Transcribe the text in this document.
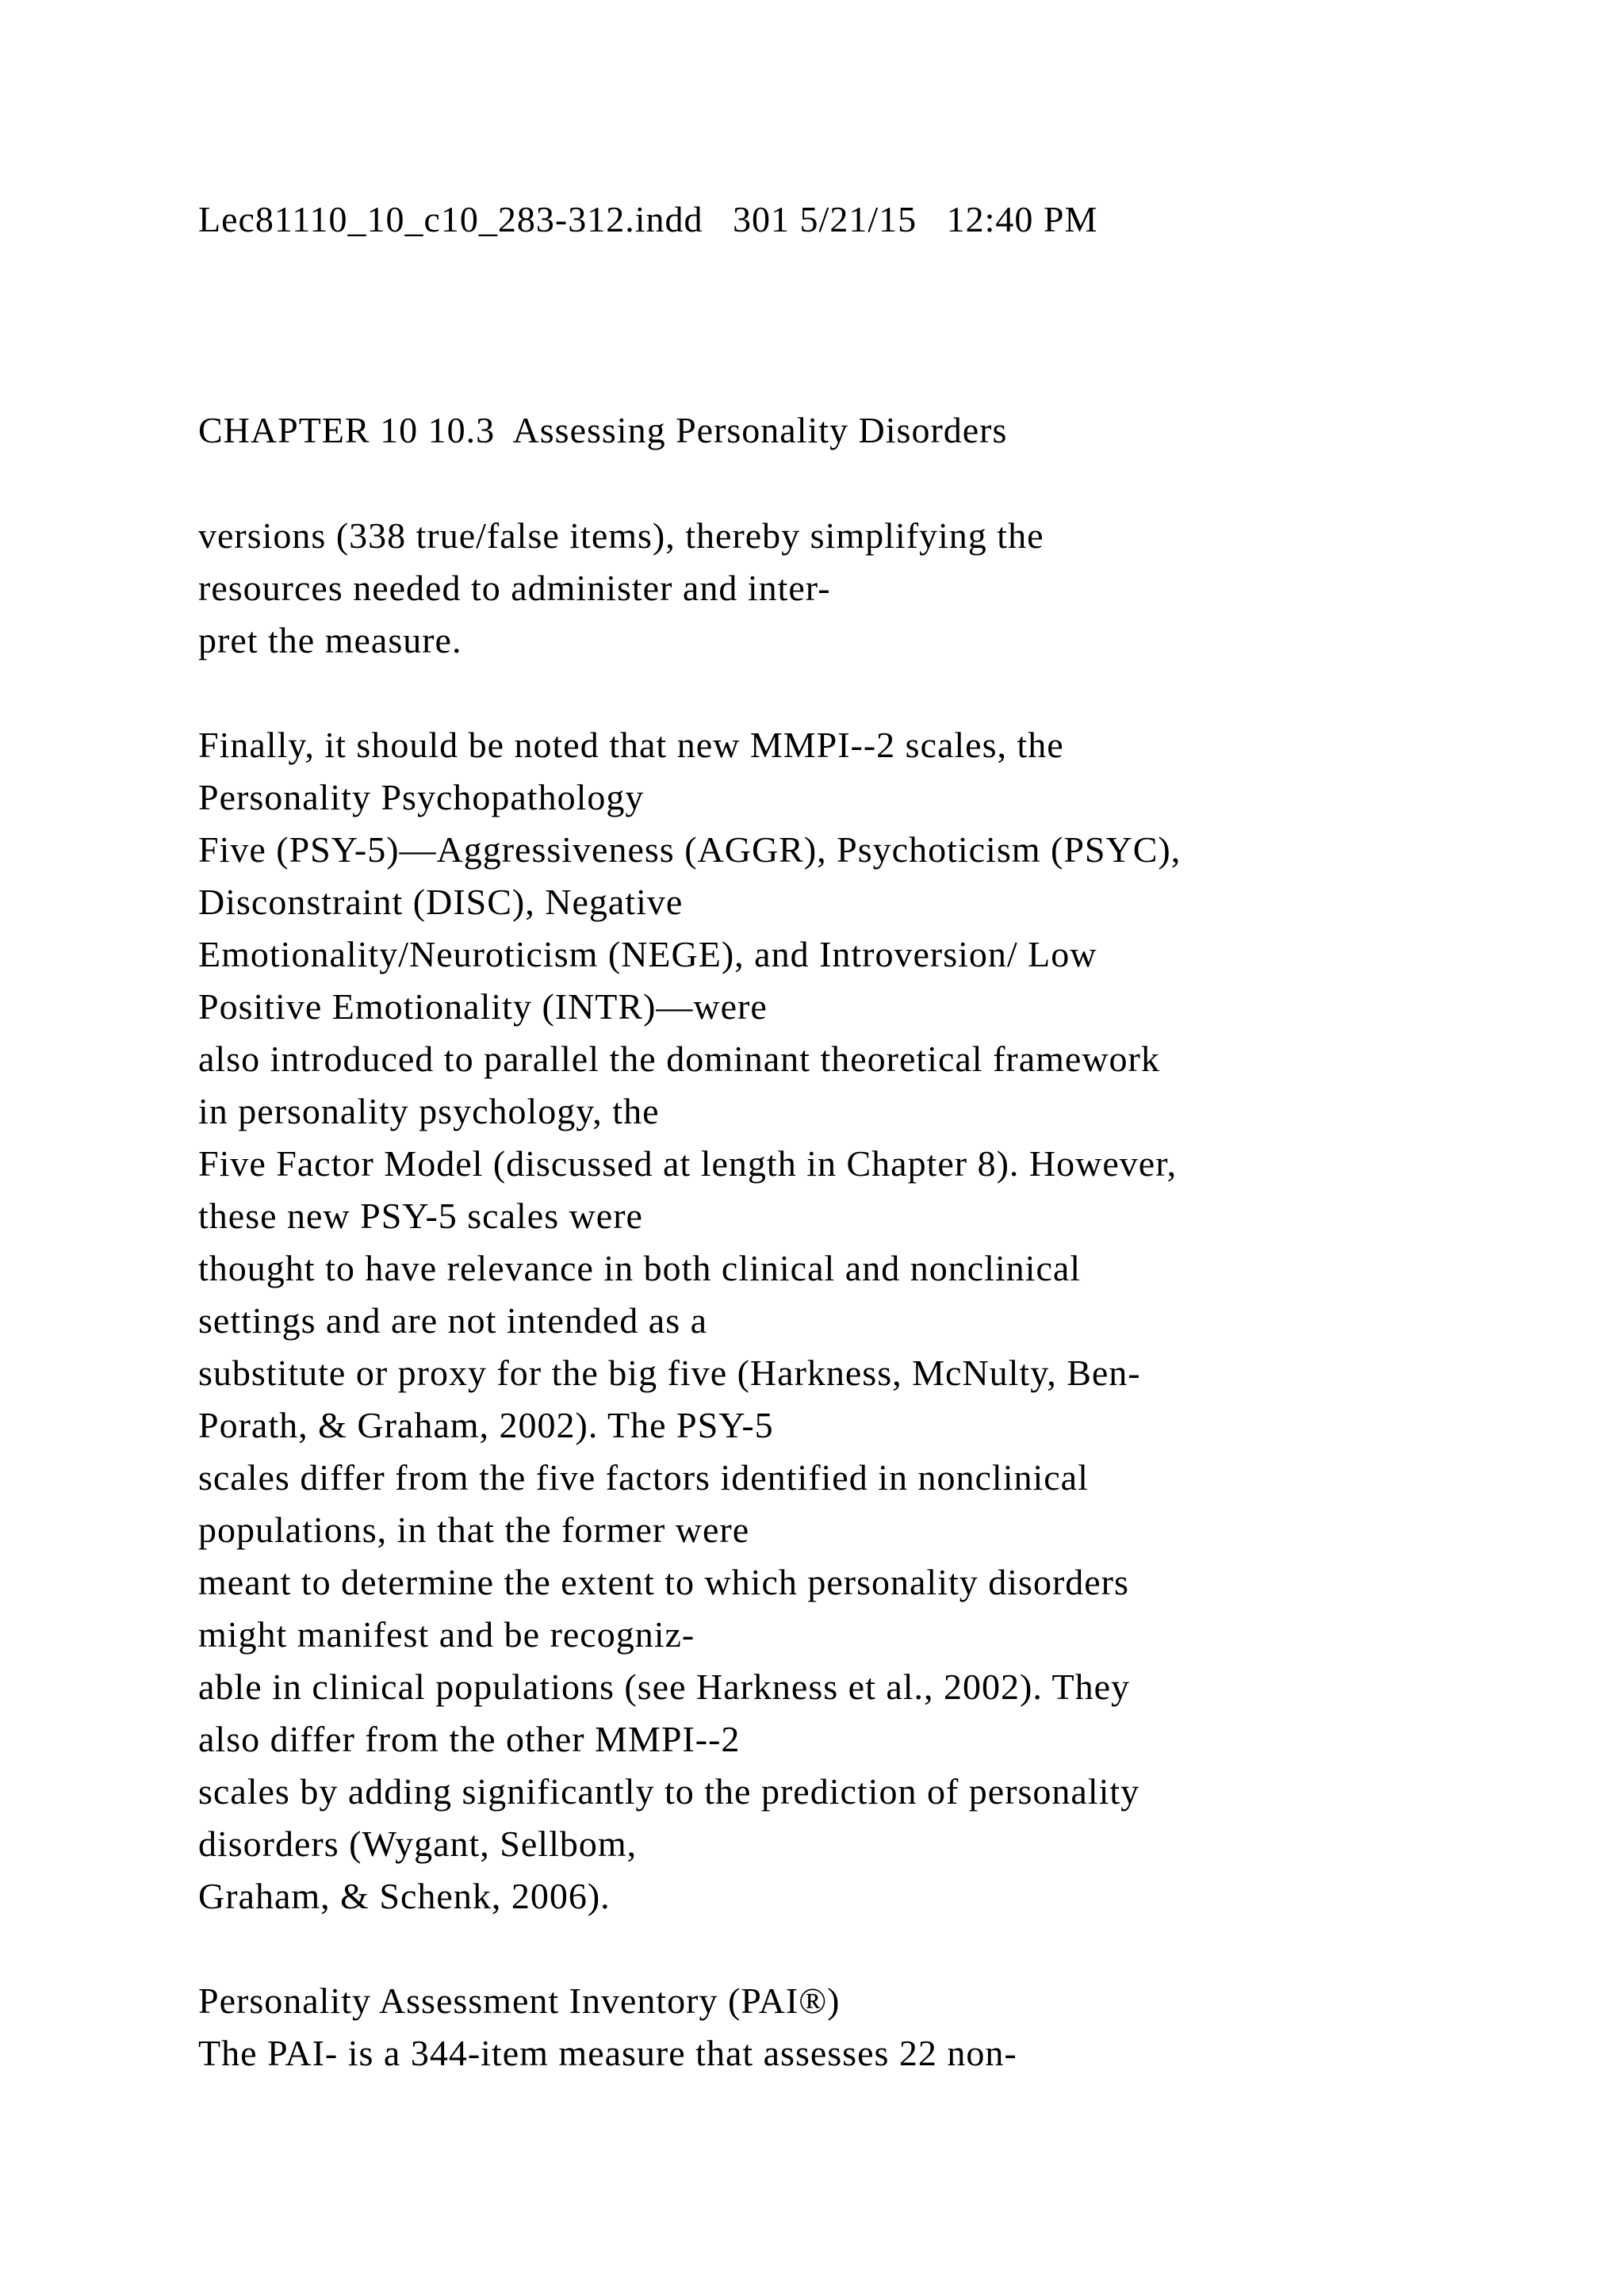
Lec81110_10_c10_283-312.indd   301 5/21/15   12:40 PM

CHAPTER 10 10.3  Assessing Personality Disorders

versions (338 true/false items), thereby simplifying the

resources needed to administer and inter-

pret the measure.

Finally, it should be noted that new MMPI--2 scales, the

Personality Psychopathology

Five (PSY-5)—Aggressiveness (AGGR), Psychoticism (PSYC),

Disconstraint (DISC), Negative

Emotionality/Neuroticism (NEGE), and Introversion/ Low

Positive Emotionality (INTR)—were

also introduced to parallel the dominant theoretical framework

in personality psychology, the

Five Factor Model (discussed at length in Chapter 8). However,

these new PSY-5 scales were

thought to have relevance in both clinical and nonclinical

settings and are not intended as a

substitute or proxy for the big five (Harkness, McNulty, Ben-

Porath, & Graham, 2002). The PSY-5

scales differ from the five factors identified in nonclinical

populations, in that the former were

meant to determine the extent to which personality disorders

might manifest and be recogniz-

able in clinical populations (see Harkness et al., 2002). They

also differ from the other MMPI--2

scales by adding significantly to the prediction of personality

disorders (Wygant, Sellbom,

Graham, & Schenk, 2006).

Personality Assessment Inventory (PAI®)

The PAI- is a 344-item measure that assesses 22 non-
